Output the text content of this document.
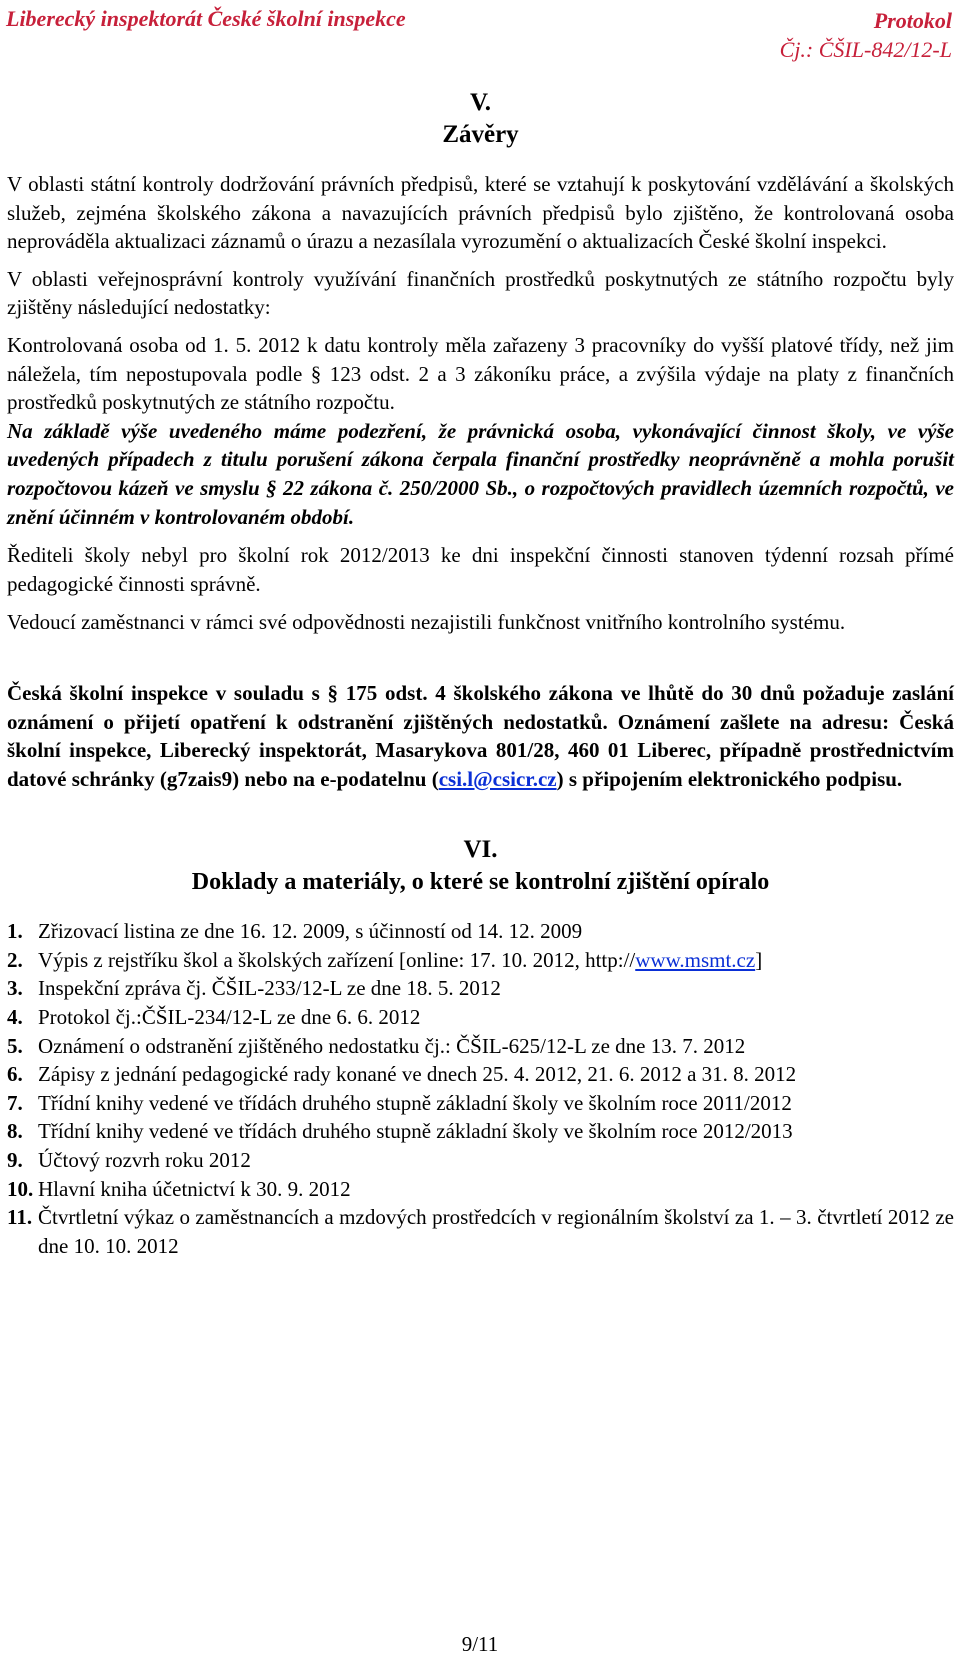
Liberecký inspektorát České školní inspekce	Protokol
Čj.: ČŠIL-842/12-L
V.
Závěry

V oblasti státní kontroly dodržování právních předpisů, které se vztahují k poskytování vzdělávání a školských služeb, zejména školského zákona a navazujících právních předpisů bylo zjištěno, že kontrolovaná osoba neprováděla aktualizaci záznamů o úrazu a nezasílala vyrozumění o aktualizacích České školní inspekci.

V oblasti veřejnosprávní kontroly využívání finančních prostředků poskytnutých ze státního rozpočtu byly zjištěny následující nedostatky:

Kontrolovaná osoba od 1. 5. 2012 k datu kontroly měla zařazeny 3 pracovníky do vyšší platové třídy, než jim náležela, tím nepostupovala podle § 123 odst. 2 a 3 zákoníku práce, a zvýšila výdaje na platy z finančních prostředků poskytnutých ze státního rozpočtu.

Na základě výše uvedeného máme podezření, že právnická osoba, vykonávající činnost školy, ve výše uvedených případech z titulu porušení zákona čerpala finanční prostředky neoprávněně a mohla porušit rozpočtovou kázeň ve smyslu § 22 zákona č. 250/2000 Sb., o rozpočtových pravidlech územních rozpočtů, ve znění účinném v kontrolovaném období.

Řediteli školy nebyl pro školní rok 2012/2013 ke dni inspekční činnosti stanoven týdenní rozsah přímé pedagogické činnosti správně.

Vedoucí zaměstnanci v rámci své odpovědnosti nezajistili funkčnost vnitřního kontrolního systému.

Česká školní inspekce v souladu s § 175 odst. 4 školského zákona ve lhůtě do 30 dnů požaduje zaslání oznámení o přijetí opatření k odstranění zjištěných nedostatků. Oznámení zašlete na adresu: Česká školní inspekce, Liberecký inspektorát, Masarykova 801/28, 460 01 Liberec, případně prostřednictvím datové schránky (g7zais9) nebo na e-podatelnu (csi.l@csicr.cz) s připojením elektronického podpisu.

VI.
Doklady a materiály, o které se kontrolní zjištění opíralo
1. Zřizovací listina ze dne 16. 12. 2009, s účinností od 14. 12. 2009
2. Výpis z rejstříku škol a školských zařízení [online: 17. 10. 2012, http://www.msmt.cz]
3. Inspekční zpráva čj. ČŠIL-233/12-L ze dne 18. 5. 2012
4. Protokol čj.:ČŠIL-234/12-L ze dne 6. 6. 2012
5. Oznámení o odstranění zjištěného nedostatku čj.: ČŠIL-625/12-L ze dne 13. 7. 2012
6. Zápisy z jednání pedagogické rady konané ve dnech 25. 4. 2012, 21. 6. 2012 a 31. 8. 2012
7. Třídní knihy vedené ve třídách druhého stupně základní školy ve školním roce 2011/2012
8. Třídní knihy vedené ve třídách druhého stupně základní školy ve školním roce 2012/2013
9. Účtový rozvrh roku 2012
10. Hlavní kniha účetnictví k 30. 9. 2012
11. Čtvrtletní výkaz o zaměstnancích a mzdových prostředcích v regionálním školství za 1. – 3. čtvrtletí 2012 ze dne 10. 10. 2012
9/11
